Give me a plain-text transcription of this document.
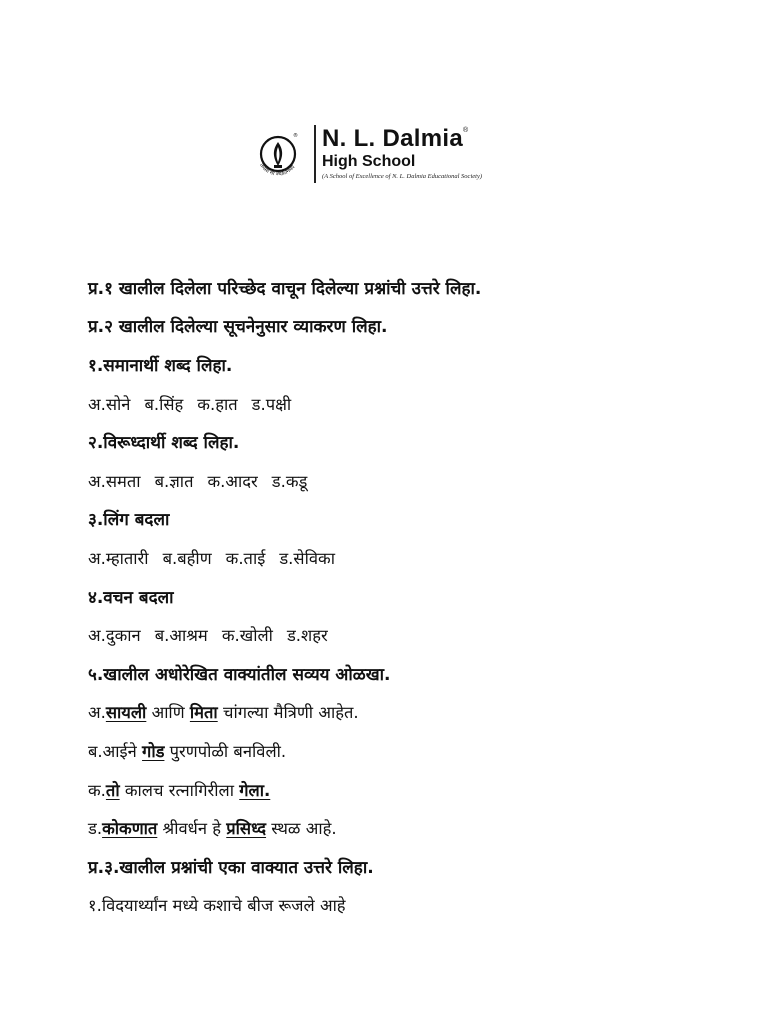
तमसो मा ज्योतिर्गमय
® N. L. Dalmia®
High School
(A School of Excellence of N. L. Dalmia Educational Society)
प्र.१ खालील दिलेला परिच्छेद वाचून दिलेल्या प्रश्नांची उत्तरे लिहा.
प्र.२ खालील दिलेल्या सूचनेनुसार व्याकरण लिहा.
१.समानार्थी शब्द लिहा.
अ.सोने ब.सिंह क.हात ड.पक्षी
२.विरूध्दार्थी शब्द लिहा.
अ.समता ब.ज्ञात क.आदर ड.कडू
३.लिंग बदला
अ.म्हातारी ब.बहीण क.ताई ड.सेविका
४.वचन बदला
अ.दुकान ब.आश्रम क.खोली ड.शहर
५.खालील अधोरेखित वाक्यांतील सव्यय ओळखा.
अ. सायली आणि मिता चांगल्या मैत्रिणी आहेत.
ब.आईने गोड पुरणपोळी बनविली.
क. तो कालच रत्नागिरीला गेला.
ड. कोकणात श्रीवर्धन हे प्रसिध्द स्थळ आहे.
प्र.३.खालील प्रश्नांची एका वाक्यात उत्तरे लिहा.
१.विदयार्थ्यांन मध्ये कशाचे बीज रूजले आहे
